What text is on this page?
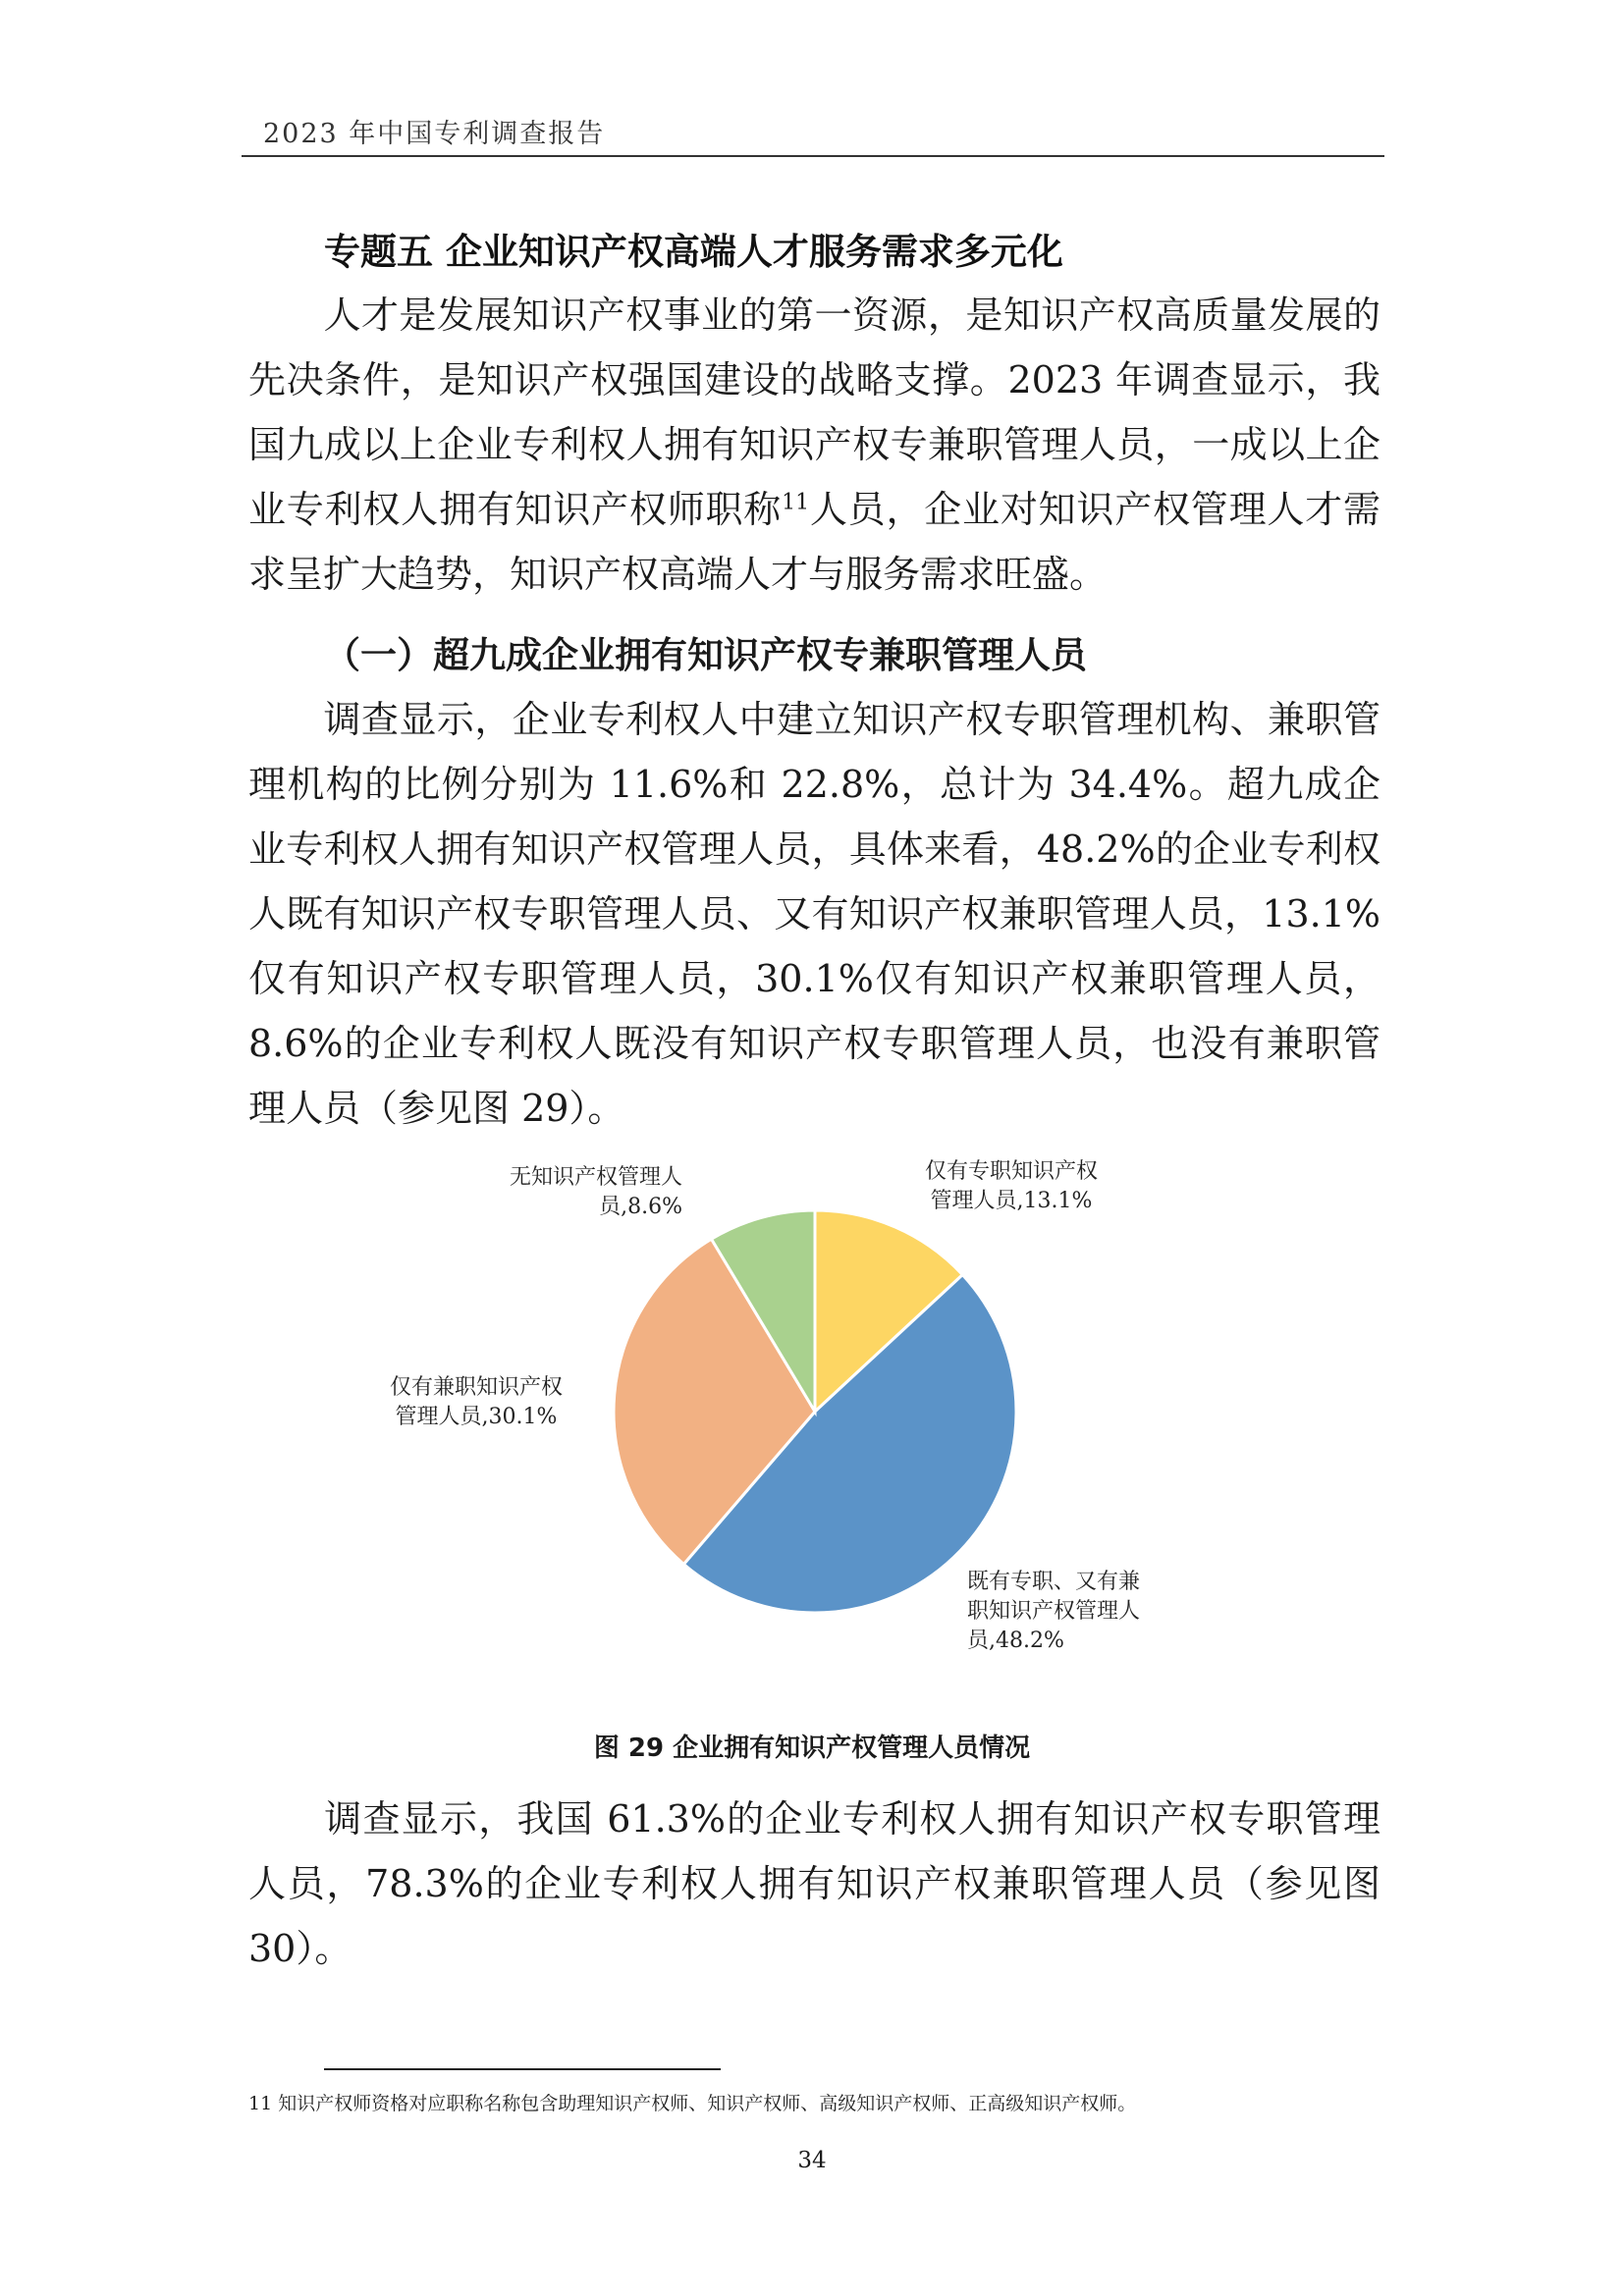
2023 年中国专利调查报告
专题五 企业知识产权高端人才服务需求多元化

人才是发展知识产权事业的第一资源，是知识产权高质量发展的先决条件，是知识产权强国建设的战略支撑。2023 年调查显示，我国九成以上企业专利权人拥有知识产权专兼职管理人员，一成以上企业专利权人拥有知识产权师职称$^{11}$人员，企业对知识产权管理人才需求呈扩大趋势，知识产权高端人才与服务需求旺盛。

（一）超九成企业拥有知识产权专兼职管理人员

调查显示，企业专利权人中建立知识产权专职管理机构、兼职管理机构的比例分别为 11.6%和 22.8%，总计为 34.4%。超九成企业专利权人拥有知识产权管理人员，具体来看，48.2%的企业专利权人既有知识产权专职管理人员、又有知识产权兼职管理人员，13.1%仅有知识产权专职管理人员，30.1%仅有知识产权兼职管理人员，8.6%的企业专利权人既没有知识产权专职管理人员，也没有兼职管理人员（参见图 29）。

仅有专职知识产权管理人员,13.1%
既有专职、又有兼职知识产权管理人员,48.2%
仅有兼职知识产权管理人员,30.1%
无知识产权管理人员,8.6%
图 29 企业拥有知识产权管理人员情况

调查显示，我国 61.3%的企业专利权人拥有知识产权专职管理人员，78.3%的企业专利权人拥有知识产权兼职管理人员（参见图30）。

11 知识产权师资格对应职称名称包含助理知识产权师、知识产权师、高级知识产权师、正高级知识产权师。
34
